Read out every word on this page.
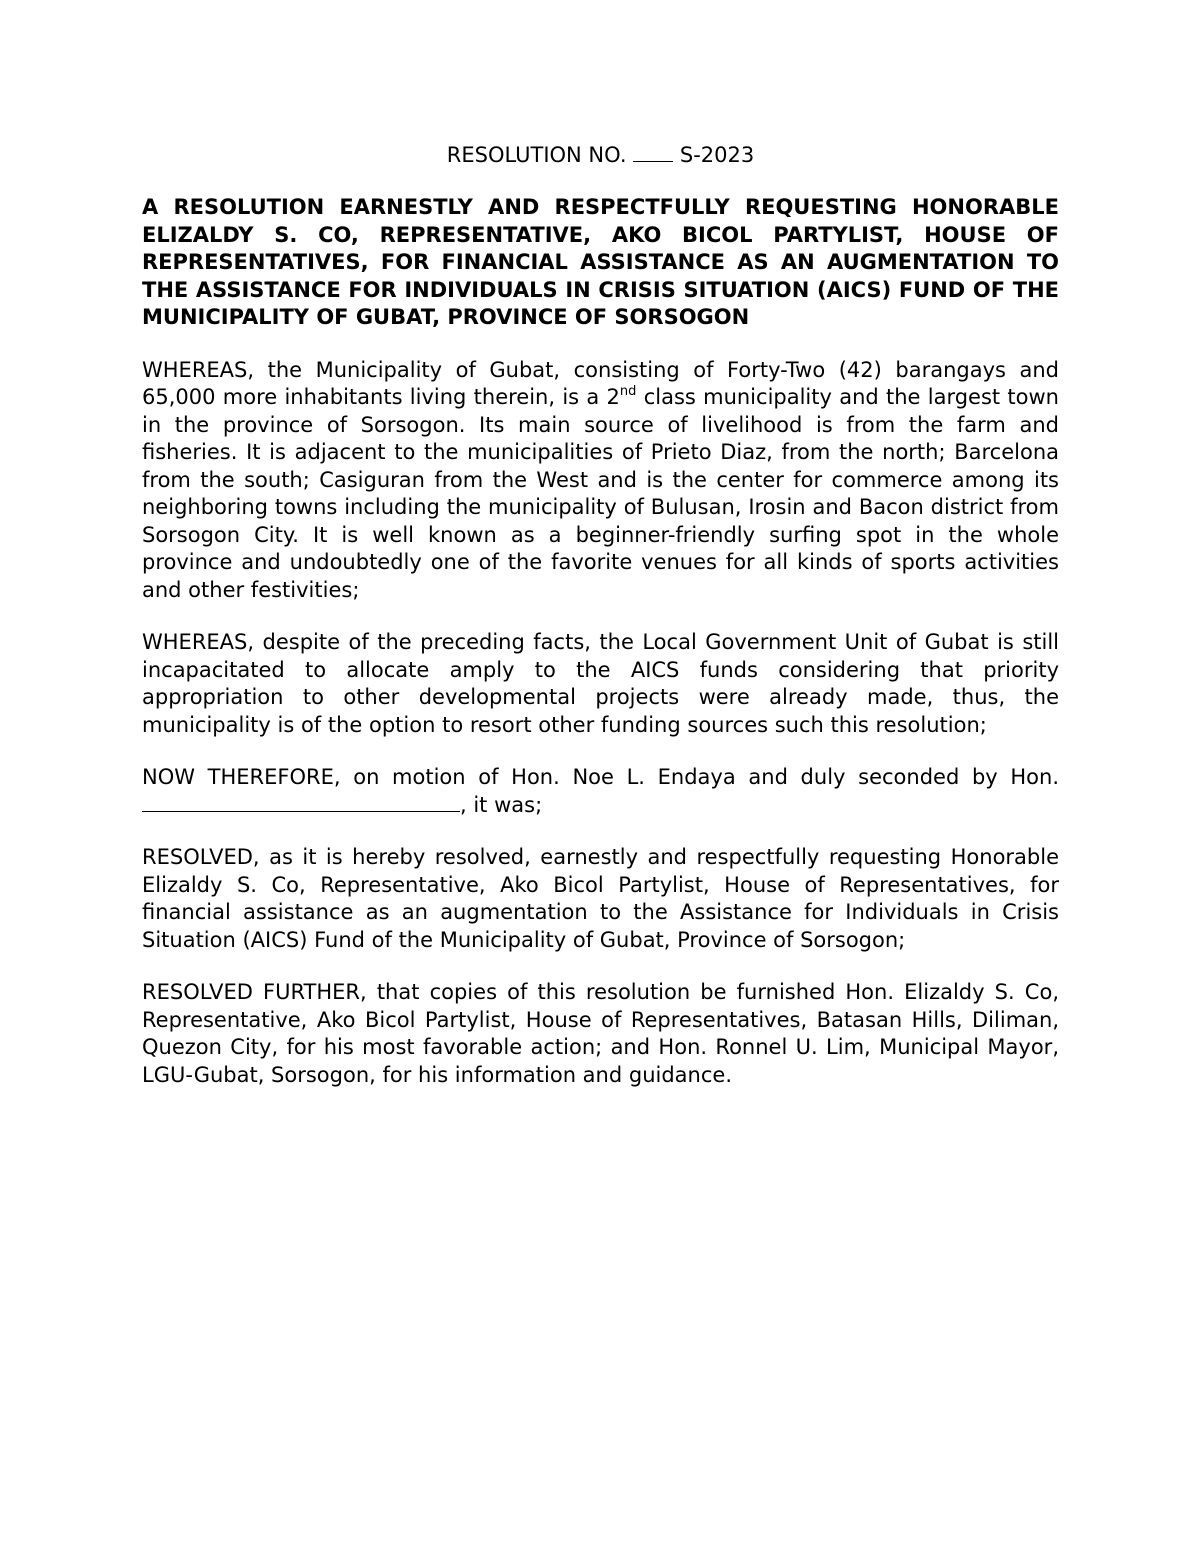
RESOLUTION NO.	S-2023
A RESOLUTION EARNESTLY AND RESPECTFULLY REQUESTING HONORABLE ELIZALDY S. CO, REPRESENTATIVE, AKO BICOL PARTYLIST, HOUSE OF REPRESENTATIVES, FOR FINANCIAL ASSISTANCE AS AN AUGMENTATION TO THE ASSISTANCE FOR INDIVIDUALS IN CRISIS SITUATION (AICS) FUND OF THE MUNICIPALITY OF GUBAT, PROVINCE OF SORSOGON
WHEREAS, the Municipality of Gubat, consisting of Forty-Two (42) barangays and 65,000 more inhabitants living therein, is a 2nd class municipality and the largest town in the province of Sorsogon. Its main source of livelihood is from the farm and fisheries. It is adjacent to the municipalities of Prieto Diaz, from the north; Barcelona from the south; Casiguran from the West and is the center for commerce among its neighboring towns including the municipality of Bulusan, Irosin and Bacon district from Sorsogon City. It is well known as a beginner-friendly surfing spot in the whole province and undoubtedly one of the favorite venues for all kinds of sports activities and other festivities;
WHEREAS, despite of the preceding facts, the Local Government Unit of Gubat is still incapacitated to allocate amply to the AICS funds considering that priority appropriation to other developmental projects were already made, thus, the municipality is of the option to resort other funding sources such this resolution;
NOW THEREFORE, on motion of Hon. Noe L. Endaya and duly seconded by Hon. , it was;
RESOLVED, as it is hereby resolved, earnestly and respectfully requesting Honorable Elizaldy S. Co, Representative, Ako Bicol Partylist, House of Representatives, for financial assistance as an augmentation to the Assistance for Individuals in Crisis Situation (AICS) Fund of the Municipality of Gubat, Province of Sorsogon;
RESOLVED FURTHER, that copies of this resolution be furnished Hon. Elizaldy S. Co, Representative, Ako Bicol Partylist, House of Representatives, Batasan Hills, Diliman, Quezon City, for his most favorable action; and Hon. Ronnel U. Lim, Municipal Mayor, LGU-Gubat, Sorsogon, for his information and guidance.
